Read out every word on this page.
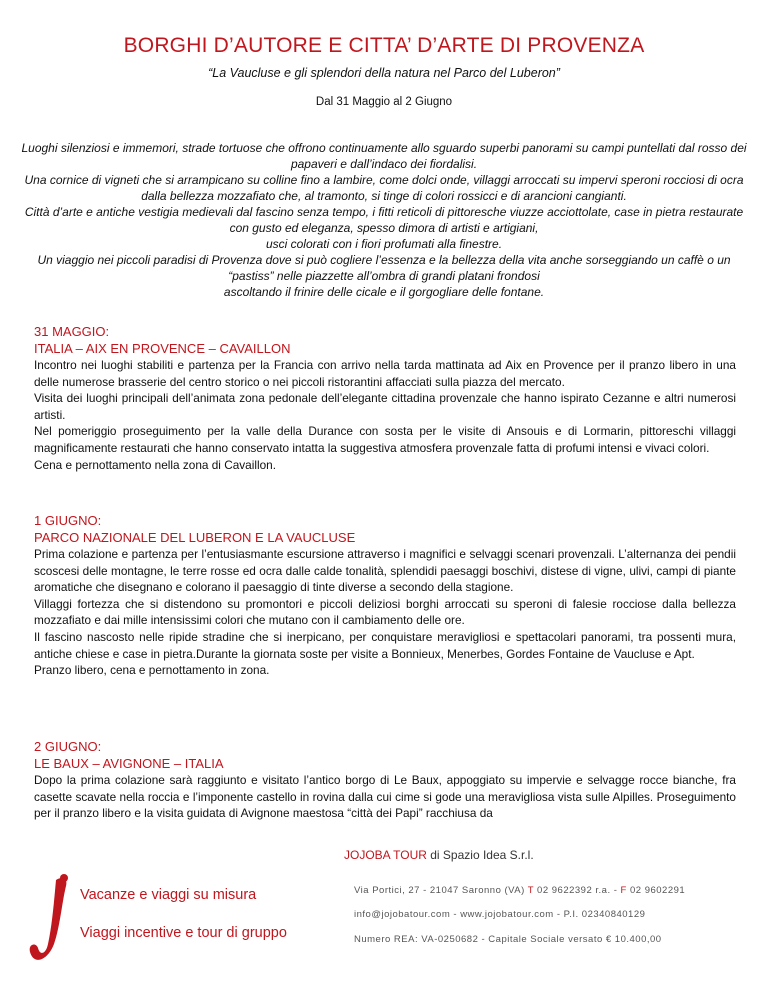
BORGHI D’AUTORE E CITTA’ D’ARTE DI PROVENZA
“La Vaucluse e gli splendori della natura nel Parco del Luberon”
Dal 31 Maggio al 2 Giugno

Luoghi silenziosi e immemori, strade tortuose che offrono continuamente allo sguardo superbi panorami su campi puntellati dal rosso dei papaveri e dall’indaco dei fiordalisi.

Una cornice di vigneti che si arrampicano su colline fino a lambire, come dolci onde, villaggi arroccati su impervi speroni rocciosi di ocra dalla bellezza mozzafiato che, al tramonto, si tinge di colori rossicci e di arancioni cangianti.

Città d’arte e antiche vestigia medievali dal fascino senza tempo, i fitti reticoli di pittoresche viuzze acciottolate, case in pietra restaurate con gusto ed eleganza, spesso dimora di artisti e artigiani,

usci colorati con i fiori profumati alla finestre.

Un viaggio nei piccoli paradisi di Provenza dove si può cogliere l’essenza e la bellezza della vita anche sorseggiando un caffè o un “pastiss” nelle piazzette all’ombra di grandi platani frondosi

ascoltando il frinire delle cicale e il gorgogliare delle fontane.

31 MAGGIO:
ITALIA – AIX EN PROVENCE – CAVAILLON

Incontro nei luoghi stabiliti e partenza per la Francia con arrivo nella tarda mattinata ad Aix en Provence per il pranzo libero in una delle numerose brasserie del centro storico o nei piccoli ristorantini affacciati sulla piazza del mercato.

Visita dei luoghi principali dell’animata zona pedonale dell’elegante cittadina provenzale che hanno ispirato Cezanne e altri numerosi artisti.

Nel pomeriggio proseguimento per la valle della Durance con sosta per le visite di Ansouis e di Lormarin, pittoreschi villaggi magnificamente restaurati che hanno conservato intatta la suggestiva atmosfera provenzale fatta di profumi intensi e vivaci colori.

Cena e pernottamento nella zona di Cavaillon.

1 GIUGNO:
PARCO NAZIONALE DEL LUBERON E LA VAUCLUSE

Prima colazione e partenza per l’entusiasmante escursione attraverso i magnifici e selvaggi scenari provenzali. L’alternanza dei pendii scoscesi delle montagne, le terre rosse ed ocra dalle calde tonalità, splendidi paesaggi boschivi, distese di vigne, ulivi, campi di piante aromatiche che disegnano e colorano il paesaggio di tinte diverse a secondo della stagione.

Villaggi fortezza che si distendono su promontori e piccoli deliziosi borghi arroccati su speroni di falesie rocciose dalla bellezza mozzafiato e dai mille intensissimi colori che mutano con il cambiamento delle ore.

Il fascino nascosto nelle ripide stradine che si inerpicano, per conquistare meravigliosi e spettacolari panorami, tra possenti mura, antiche chiese e case in pietra.Durante la giornata soste per visite a Bonnieux, Menerbes, Gordes Fontaine de Vaucluse e Apt.

Pranzo libero, cena e pernottamento in zona.

2 GIUGNO:
LE BAUX – AVIGNONE – ITALIA

Dopo la prima colazione sarà raggiunto e visitato l’antico borgo di Le Baux, appoggiato su impervie e selvagge rocce bianche, fra casette scavate nella roccia e l’imponente castello in rovina dalla cui cime si gode una meravigliosa vista sulle Alpilles. Proseguimento per il pranzo libero e la visita guidata di Avignone maestosa “città dei Papi” racchiusa da

JOJOBA TOUR di Spazio Idea S.r.l.
Vacanze e viaggi su misura
Viaggi incentive e tour di gruppo
Via Portici, 27 - 21047 Saronno (VA) T 02 9622392 r.a. - F 02 9602291
info@jojobatour.com - www.jojobatour.com - P.I. 02340840129
Numero REA: VA-0250682 - Capitale Sociale versato € 10.400,00
